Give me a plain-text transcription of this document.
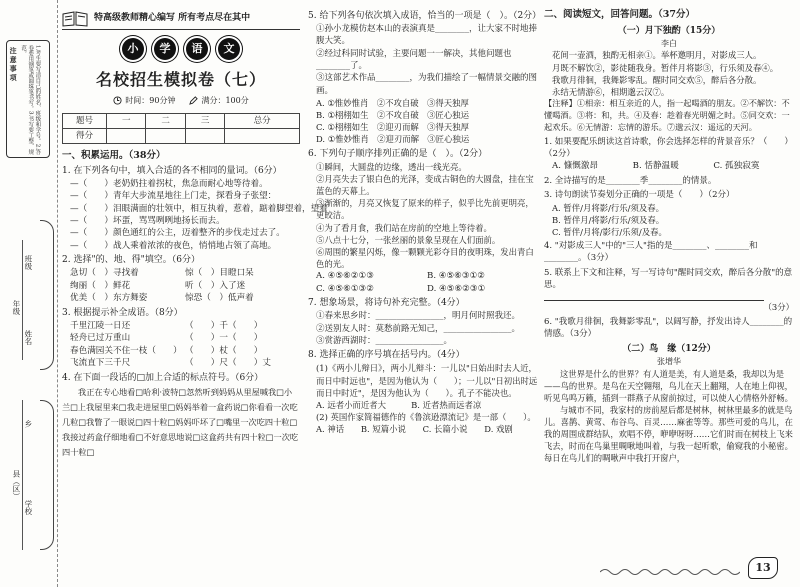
注意事项	1.考生要写清自己的姓名、班级和学号。2.答卷要用钢笔或圆珠笔书写。3.书写要工整、规范。
年级
班级
姓名
县（区）
乡
学校
特高级教师精心编写 所有考点尽在其中
小	学	语	文
名校招生模拟卷（七）
时间：90分钟	满分：100分
题号	一	二	三	总分
得分				
一、积累运用。（38分）
1. 在下列各句中，填入合适的各不相同的量词。（6分）
—（　　）老奶奶拄着拐杖，焦急而耐心地等待着。
—（　　）青年大步流星地往上门走，探看身子张望：
—（　　）泪眼满面的壮领中，相互执着，惹着，踮着脚望着，望着
—（　　）坏蛋，骂骂咧咧地扬长而去。
—（　　）颜色通红的公主，迈着整齐的步伐走过去了。
—（　　）战人乘着浓浓的夜色，悄悄地占领了高地。
2. 选择"的、地、得"填空。（6分）
急切（　）寻找着	惊（　）目瞪口呆
绚丽（　）鲜花	听（　）入了迷
优美（　）东方舞姿	惊恐（　）低声着
3. 根据提示补全成语。（8分）
千里江陵一日还	（　　）千（　　）
轻舟已过万重山	（　　）一（　　）
春色满园关不住一枝（　　） （　　）杖（　　）
飞流直下三千尺	（　　）尺（　　）丈
4. 在下面一段话的□加上合适的标点符号。（6分）
我正在专心地看□哈利·波特□忽然听到妈妈从里屋喊我□小兰□上我屋里来□我走进屋里□妈妈举着一盒药说□你看看一次吃几粒□我瞥了一眼说□四十粒□妈妈吓坏了□嘴里一次吃四十粒□我接过药盒仔细地看□不好意思地说□这盒药共有四十粒□一次吃四十粒□
5. 给下列各句依次填入成语，恰当的一项是（　）。（2分）
①孙小龙模仿赵本山的表演真是________，让大家不时地捧腹大笑。
②经过科同时试验，主要问题一一解决，其他问题也________了。
③这部艺术作品________，为我们描绘了一幅情景交融的图画。
A. ①惟妙惟肖　②不攻自破　③得天独厚
B. ①栩栩如生　②不攻自破　③匠心独运
C. ①栩栩如生　②迎刃而解　③得天独厚
D. ①惟妙惟肖　②迎刃而解　③匠心独运
6. 下列句子顺序排列正确的是（　）。（2分）
①瞬间，大圆盘的边缘，透出一线光亮。
②月亮失去了银白色的光泽，变成古铜色的大圆盘，挂在宝蓝色的天幕上。
③渐渐的，月亮又恢复了原来的样子，似乎比先前更明亮，更皎洁。
④为了看月食，我们站在房前的空地上等待着。
⑤八点十七分，一张丝丽的景象呈现在人们面前。
⑥周围的繁星闪烁，像一颗颗光彩夺目的夜明珠，发出青白色的光。
A. ④⑤⑥②①③	B. ④⑤⑥③①②
C. ④⑤⑥①③②	D. ④⑤⑥②③①
7. 想象场景，将诗句补充完整。（4分）
①春来思乡时：________________，明月何时照我还。
②送别友人时：莫愁前路无知己，________________。
③赏游西湖时：________________。
8. 选择正确的序号填在括号内。（4分）
(1)《两小儿辩日》，两小儿辩斗：一儿以"日始出时去人近，而日中时远也"，是因为他认为（　　）；一儿以"日初出时远而日中时近"，是因为他认为（　　）。孔子不能决也。
A. 远者小而近者大　　　B. 近者热而远者凉
(2) 英国作家简福德作的《鲁滨逊漂流记》是一部（　　）。
A. 神话　　B. 短篇小说　　C. 长篇小说　　D. 戏剧
二、阅读短文，回答问题。（37分）
（一）月下独酌（15分）
李白
花间一壶酒，独酌无相亲①。举杯邀明月，对影成三人。
月既不解饮②，影徒随我身。暂伴月将影③，行乐须及春④。
我歌月徘徊，我舞影零乱。醒时同交欢⑤，醉后各分散。
永结无情游⑥，相期邈云汉⑦。
【注释】①相亲：相互亲近的人，指一起喝酒的朋友。②不解饮：不懂喝酒。③将：和，共。④及春：趁着春光明媚之时。⑤同交欢：一起欢乐。⑥无情游：忘情的游乐。⑦邈云汉：遥远的天河。
1. 如果要配乐朗读这首诗歌，你会选择怎样的背景音乐？（　　）（2分）
A. 慷慨激昂	B. 恬静温暖	C. 孤独寂寞
2. 全诗描写的是________季________的情景。
3. 诗句朗读节奏划分正确的一项是（　　）（2分）
A. 暂伴/月将影/行乐/须及春。
B. 暂伴月/将影/行乐/须及春。
C. 暂伴/月将/影行/乐须/及春。
4. "对影成三人"中的"三人"指的是________、________和________。（3分）
5. 联系上下文和注释，写一写诗句"醒时同交欢，醉后各分散"的意思。
（3分）
6. "我歌月徘徊，我舞影零乱"，以阔写静，抒发出诗人________的情感。（3分）
（二）鸟　缘（12分）
张增华
这世界是什么的世界？有人道是美，有人道是桑，我却以为是——鸟的世界。是鸟在天空翱翔，鸟儿在天上翻翔，人在地上仰视，听见鸟鸣万籁，插到一群燕子从窗前掠过，可以使人心情格外舒畅。
与城市不同，我家村的房前屋后都是树林，树林里最多的就是鸟儿。喜鹊、黄莺、布谷鸟、百灵……麻雀等等。那些可爱的鸟儿，在我的周围成群结队，欢唱不停，咿咿呀呀……它们时而在树枝上飞来飞去，时而在鸟巢里啁啾地叫着，与我一起听歌，偷窥我的小秘密。每日在鸟儿们的啁啾声中我打开窗户，
13
